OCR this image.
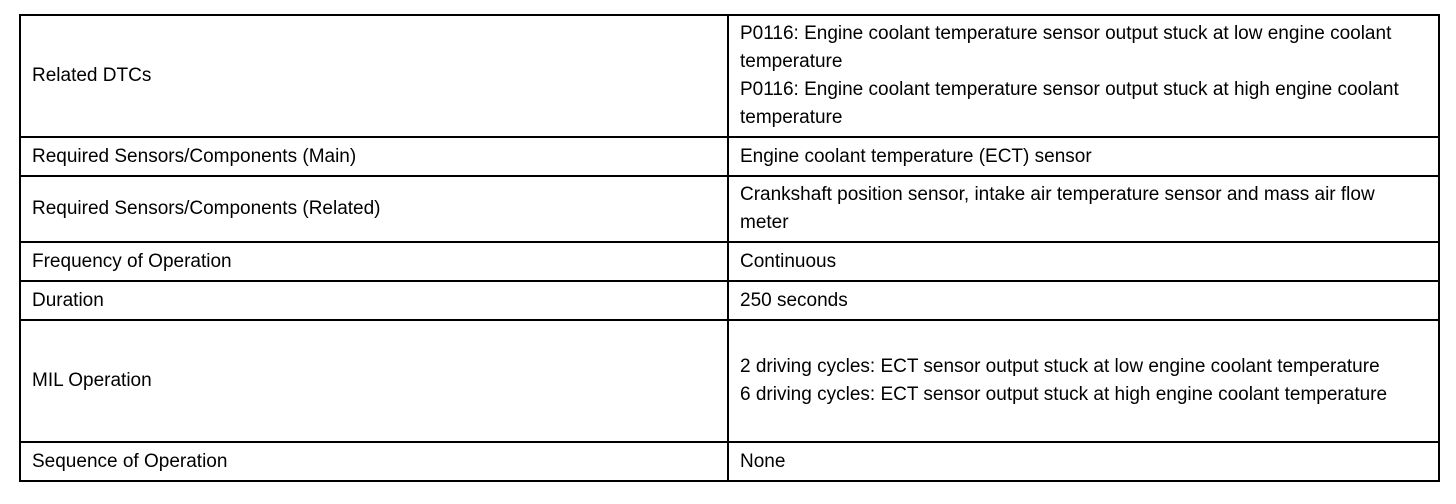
Related DTCs	P0116: Engine coolant temperature sensor output stuck at low engine coolant temperature
P0116: Engine coolant temperature sensor output stuck at high engine coolant temperature

Required Sensors/Components (Main)	Engine coolant temperature (ECT) sensor

Required Sensors/Components (Related)	Crankshaft position sensor, intake air temperature sensor and mass air flow meter

Frequency of Operation	Continuous

Duration	250 seconds

MIL Operation	2 driving cycles: ECT sensor output stuck at low engine coolant temperature
6 driving cycles: ECT sensor output stuck at high engine coolant temperature

Sequence of Operation	None
